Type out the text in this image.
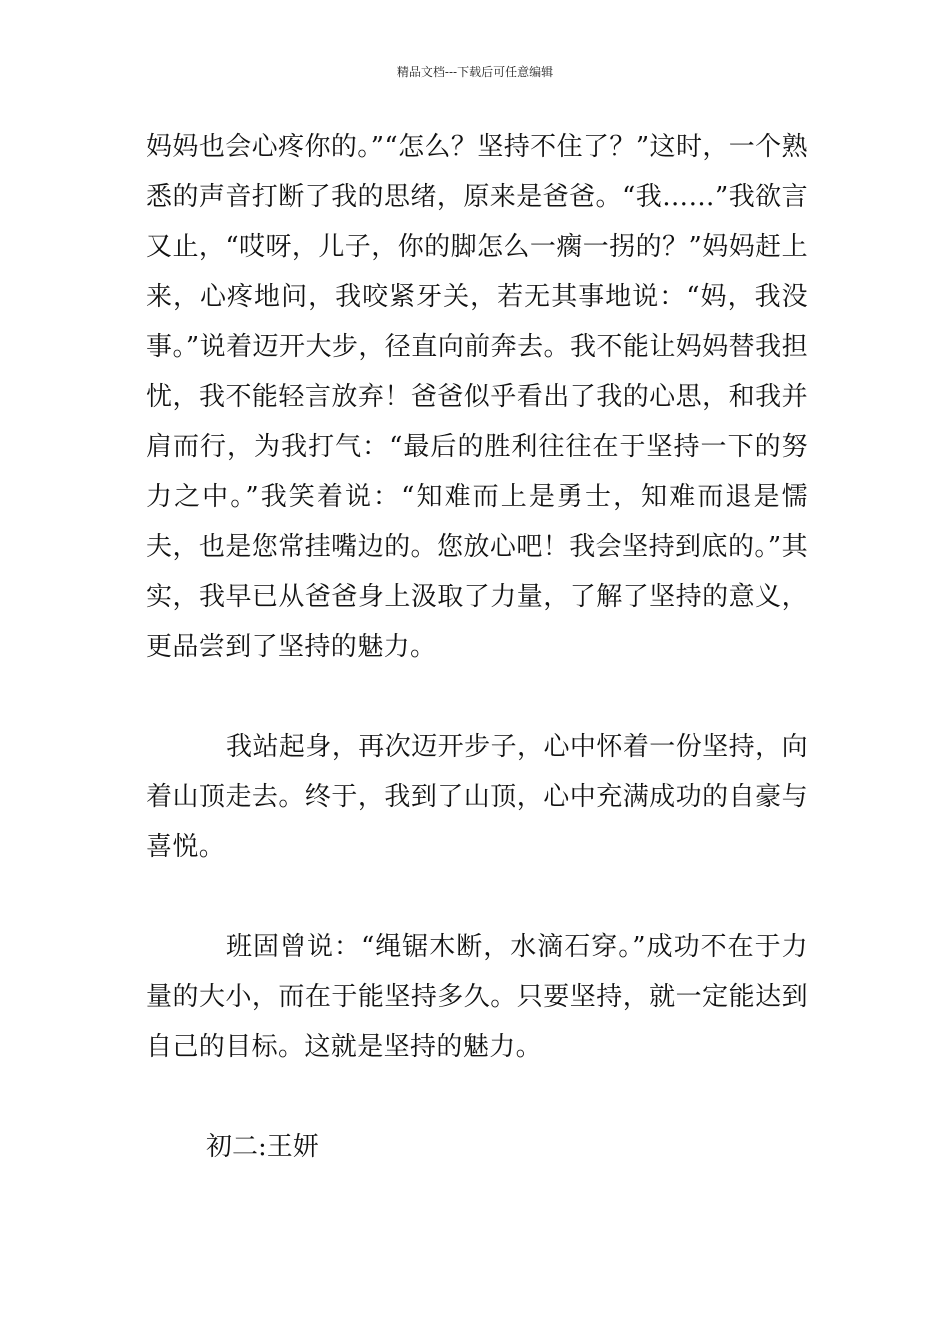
精品文档---下载后可任意编辑

妈妈也会心疼你的。”“怎么？坚持不住了？”这时，一个熟悉的声音打断了我的思绪，原来是爸爸。“我……”我欲言又止，“哎呀，儿子，你的脚怎么一瘸一拐的？”妈妈赶上来，心疼地问，我咬紧牙关，若无其事地说：“妈，我没事。”说着迈开大步，径直向前奔去。我不能让妈妈替我担忧，我不能轻言放弃！爸爸似乎看出了我的心思，和我并肩而行，为我打气：“最后的胜利往往在于坚持一下的努力之中。”我笑着说：“知难而上是勇士，知难而退是懦夫，也是您常挂嘴边的。您放心吧！我会坚持到底的。”其实，我早已从爸爸身上汲取了力量，了解了坚持的意义，更品尝到了坚持的魅力。

我站起身，再次迈开步子，心中怀着一份坚持，向着山顶走去。终于，我到了山顶，心中充满成功的自豪与喜悦。

班固曾说：“绳锯木断，水滴石穿。”成功不在于力量的大小，而在于能坚持多久。只要坚持，就一定能达到自己的目标。这就是坚持的魅力。

初二:王妍
